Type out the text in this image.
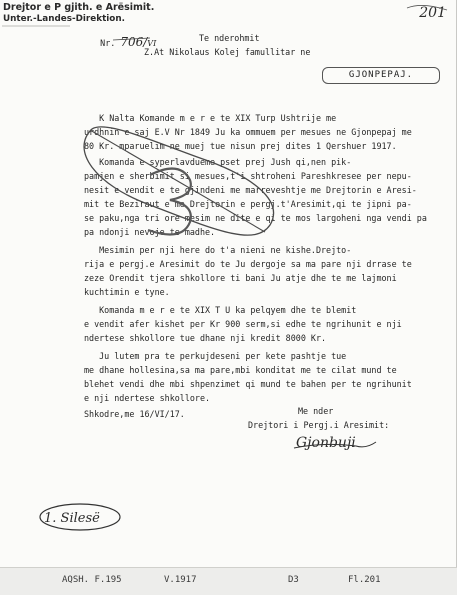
Drejtor e P gjith. e Arësimit.
Unter.-Landes-Direktion.	201

Nr. 706/VI

Te nderohmit
Z.At Nikolaus Kolej famullitar ne
GJONPEPAJ.
K Nalta Komande m e r e te XIX Turp Ushtrije me
urdhnin e saj E.V Nr 1849 Ju ka ommuem per mesues ne Gjonpepaj me
80 Kr. mparuelim ne muej tue nisun prej dites 1 Qershuer 1917.
Komanda e syperlavdueme pset prej Jush qi,nen pik-
pamjen e sherbimit si mesues,t'i shtroheni Pareshkresee per nepu-
nesit e vendit e te gjindeni me marreveshtje me Drejtorin e Aresi-
mit te Beziraut e me Drejtorin e pergj.t'Aresimit,qi te jipni pa-
se paku,nga tri ore mesim ne dite e qi te mos largoheni nga vendi pa
pa ndonji nevoje te madhe.
Mesimin per nji here do t'a nieni ne kishe.Drejto-
rija e pergj.e Aresimit do te Ju dergoje sa ma pare nji drrase te
zeze Orendit tjera shkollore ti bani Ju atje dhe te me lajmoni
kuchtimin e tyne.
Komanda m e r e te XIX T U ka pelqyem dhe te blemit
e vendit afer kishet per Kr 900 serm,si edhe te ngrihunit e nji
ndertese shkollore tue dhane nji kredit 8000 Kr.
Ju lutem pra te perkujdeseni per kete pashtje tue
me dhane hollesina,sa ma pare,mbi konditat me te cilat mund te
blehet vendi dhe mbi shpenzimet qi mund te bahen per te ngrihunit
e nji ndertese shkollore.
Shkodre,me 16/VI/17.	Me nder
Drejtori i Pergj.i Aresimit:
Gjonbuji
1. Silesë
AQSH. F.195	V.1917	D3	Fl.201
